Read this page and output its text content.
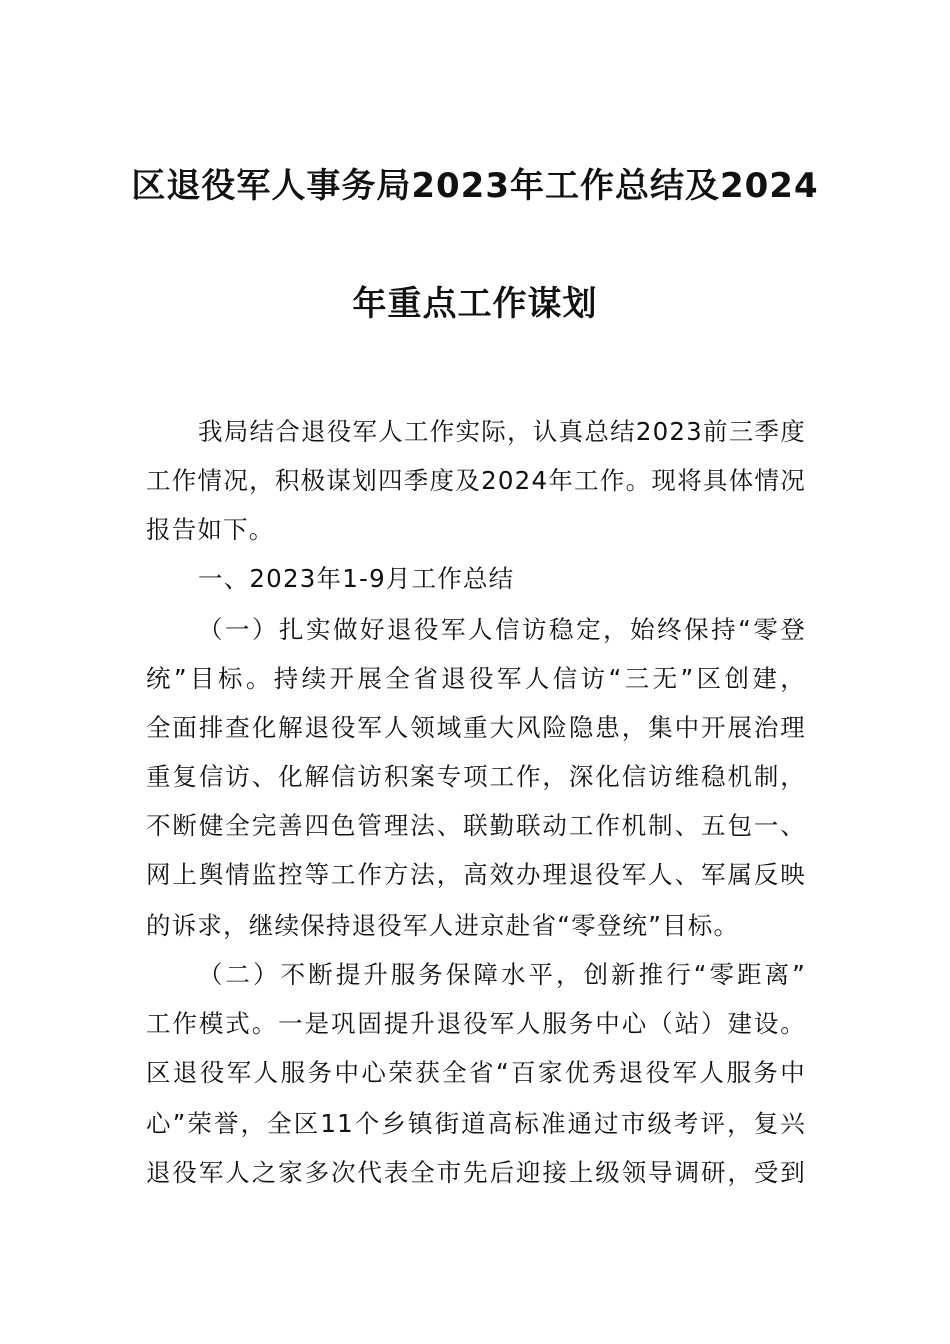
区退役军人事务局2023年工作总结及2024
年重点工作谋划
我局结合退役军人工作实际，认真总结2023前三季度
工作情况，积极谋划四季度及2024年工作。现将具体情况
报告如下。
一、2023年1-9月工作总结
（一）扎实做好退役军人信访稳定，始终保持“零登
统”目标。持续开展全省退役军人信访“三无”区创建，
全面排查化解退役军人领域重大风险隐患，集中开展治理
重复信访、化解信访积案专项工作，深化信访维稳机制，
不断健全完善四色管理法、联勤联动工作机制、五包一、
网上舆情监控等工作方法，高效办理退役军人、军属反映
的诉求，继续保持退役军人进京赴省“零登统”目标。
（二）不断提升服务保障水平，创新推行“零距离”
工作模式。一是巩固提升退役军人服务中心（站）建设。
区退役军人服务中心荣获全省“百家优秀退役军人服务中
心”荣誉，全区11个乡镇街道高标准通过市级考评，复兴
退役军人之家多次代表全市先后迎接上级领导调研，受到
